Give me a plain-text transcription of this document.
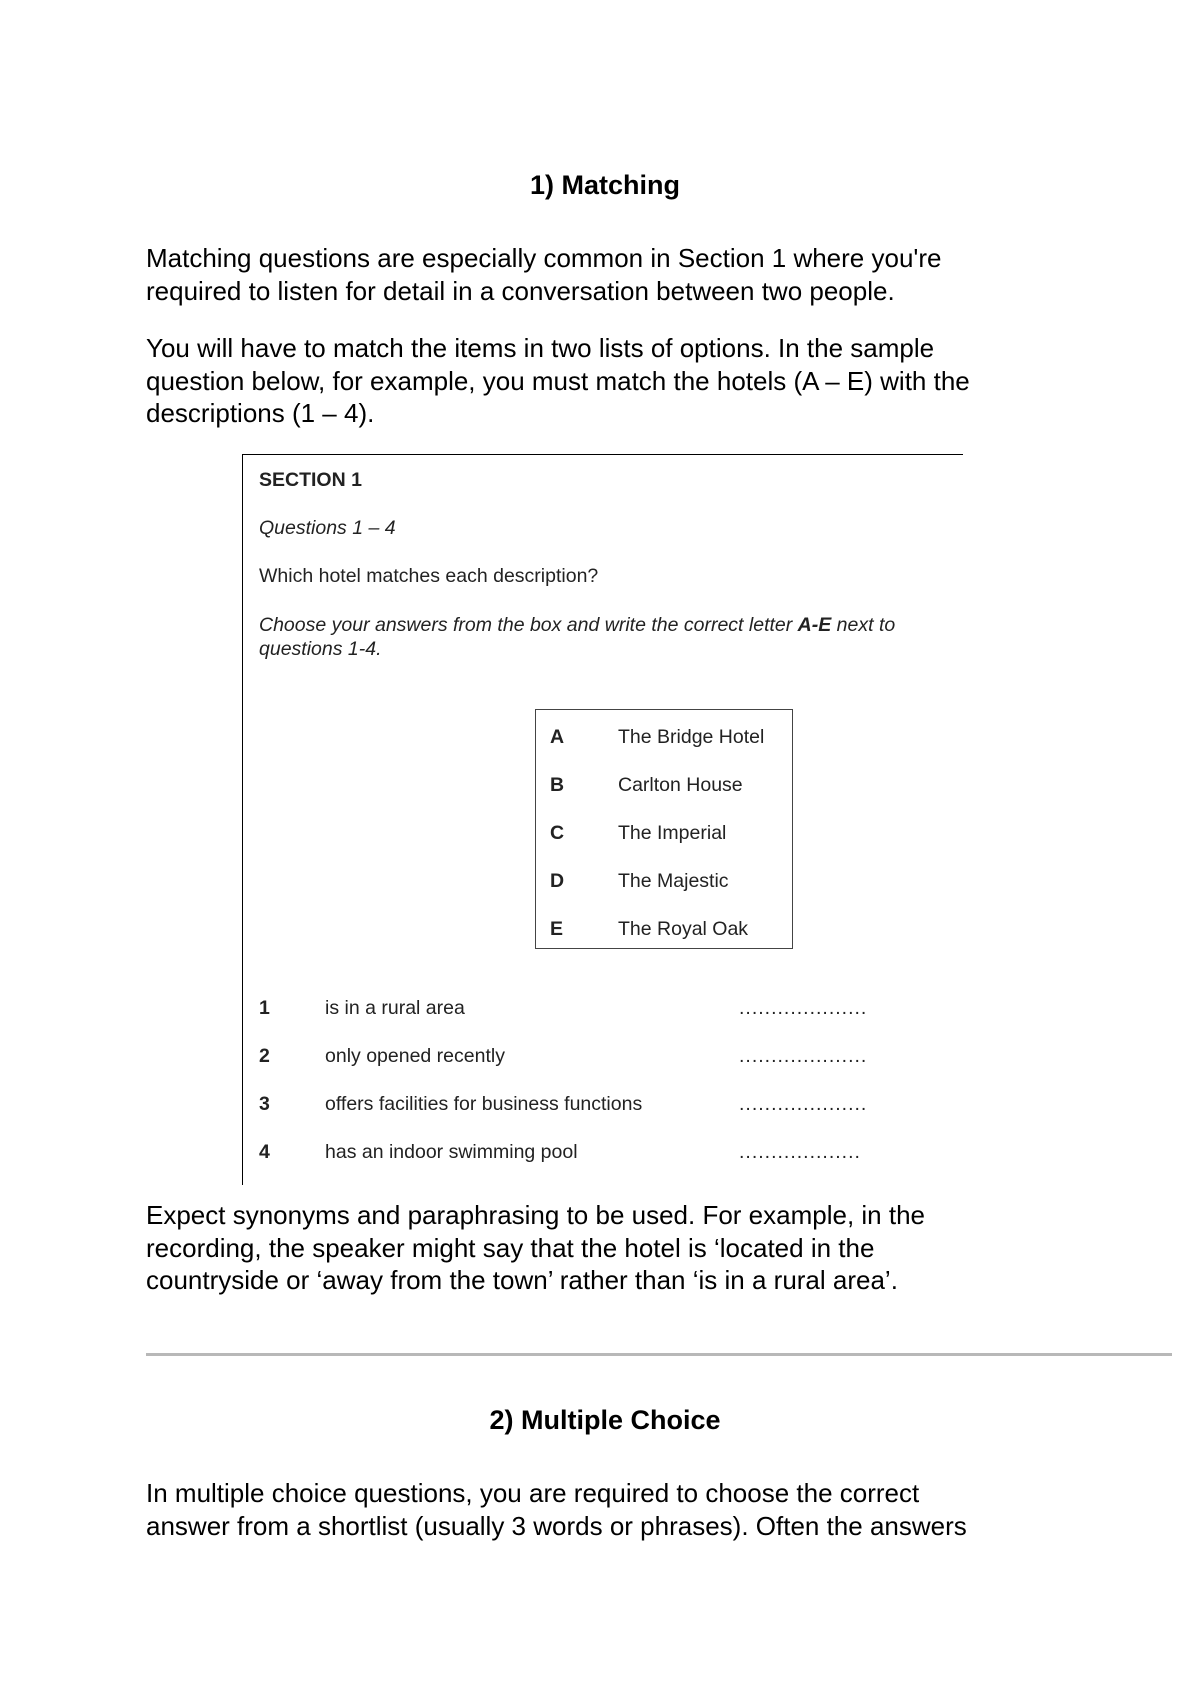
1) Matching
Matching questions are especially common in Section 1 where you're
required to listen for detail in a conversation between two people.
You will have to match the items in two lists of options. In the sample
question below, for example, you must match the hotels (A – E) with the
descriptions (1 – 4).
SECTION 1
Questions 1 – 4
Which hotel matches each description?
Choose your answers from the box and write the correct letter A-E next to
questions 1-4.
A	The Bridge Hotel
B	Carlton House
C	The Imperial
D	The Majestic
E	The Royal Oak
1	is in a rural area	....................
2	only opened recently	....................
3	offers facilities for business functions	....................
4	has an indoor swimming pool	...................
Expect synonyms and paraphrasing to be used. For example, in the
recording, the speaker might say that the hotel is ‘located in the
countryside or ‘away from the town’ rather than ‘is in a rural area’.
2) Multiple Choice
In multiple choice questions, you are required to choose the correct
answer from a shortlist (usually 3 words or phrases). Often the answers
